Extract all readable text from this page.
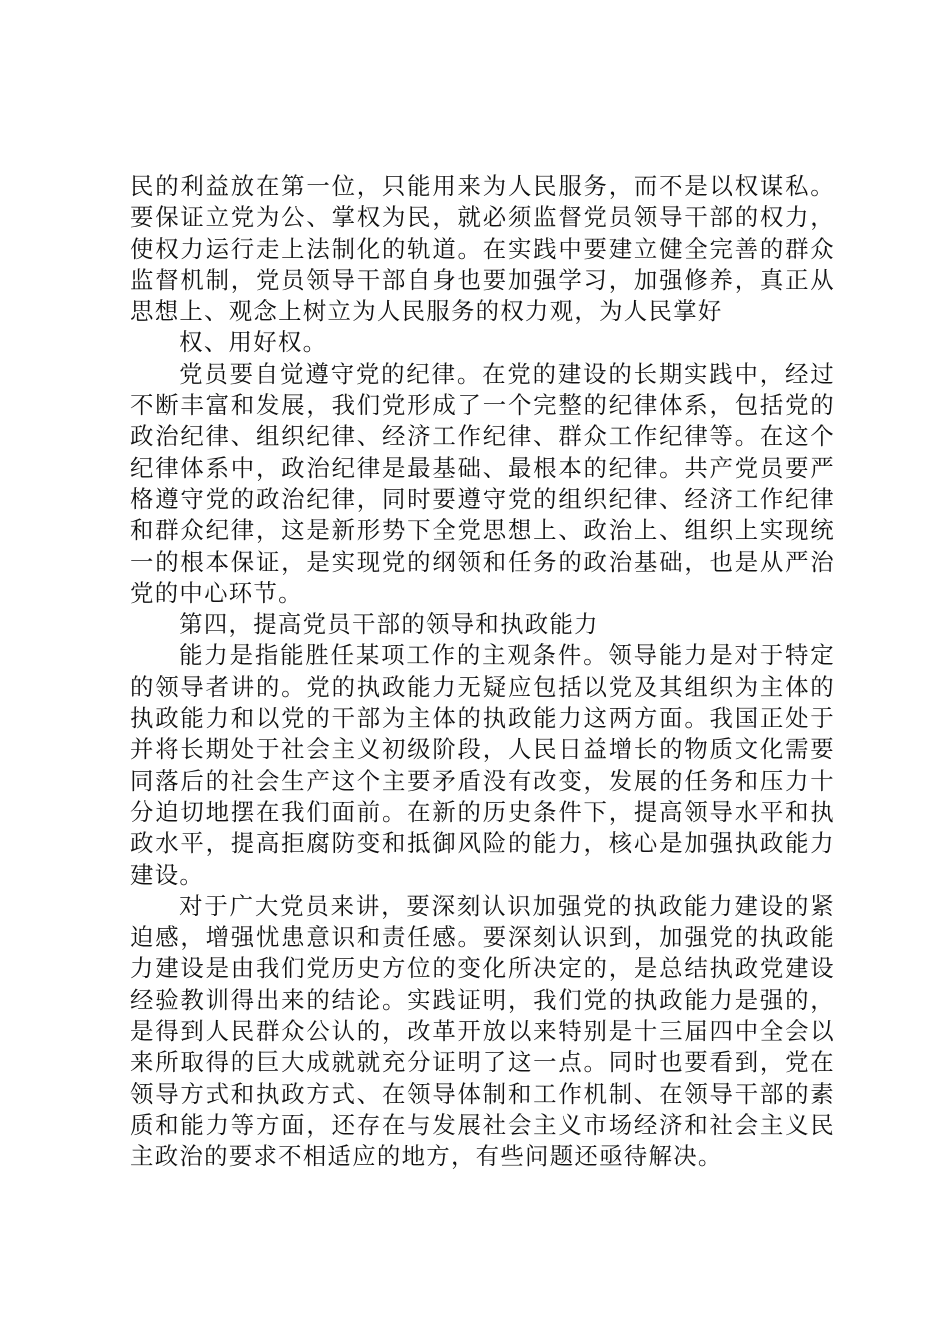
民的利益放在第一位，只能用来为人民服务，而不是以权谋私。要保证立党为公、掌权为民，就必须监督党员领导干部的权力，使权力运行走上法制化的轨道。在实践中要建立健全完善的群众监督机制，党员领导干部自身也要加强学习，加强修养，真正从思想上、观念上树立为人民服务的权力观，为人民掌好

权、用好权。

党员要自觉遵守党的纪律。在党的建设的长期实践中，经过不断丰富和发展，我们党形成了一个完整的纪律体系，包括党的政治纪律、组织纪律、经济工作纪律、群众工作纪律等。在这个纪律体系中，政治纪律是最基础、最根本的纪律。共产党员要严格遵守党的政治纪律，同时要遵守党的组织纪律、经济工作纪律和群众纪律，这是新形势下全党思想上、政治上、组织上实现统一的根本保证，是实现党的纲领和任务的政治基础，也是从严治党的中心环节。

第四，提高党员干部的领导和执政能力

能力是指能胜任某项工作的主观条件。领导能力是对于特定的领导者讲的。党的执政能力无疑应包括以党及其组织为主体的执政能力和以党的干部为主体的执政能力这两方面。我国正处于并将长期处于社会主义初级阶段，人民日益增长的物质文化需要同落后的社会生产这个主要矛盾没有改变，发展的任务和压力十分迫切地摆在我们面前。在新的历史条件下，提高领导水平和执政水平，提高拒腐防变和抵御风险的能力，核心是加强执政能力建设。

对于广大党员来讲，要深刻认识加强党的执政能力建设的紧迫感，增强忧患意识和责任感。要深刻认识到，加强党的执政能力建设是由我们党历史方位的变化所决定的，是总结执政党建设经验教训得出来的结论。实践证明，我们党的执政能力是强的，是得到人民群众公认的，改革开放以来特别是十三届四中全会以来所取得的巨大成就就充分证明了这一点。同时也要看到，党在领导方式和执政方式、在领导体制和工作机制、在领导干部的素质和能力等方面，还存在与发展社会主义市场经济和社会主义民主政治的要求不相适应的地方，有些问题还亟待解决。
